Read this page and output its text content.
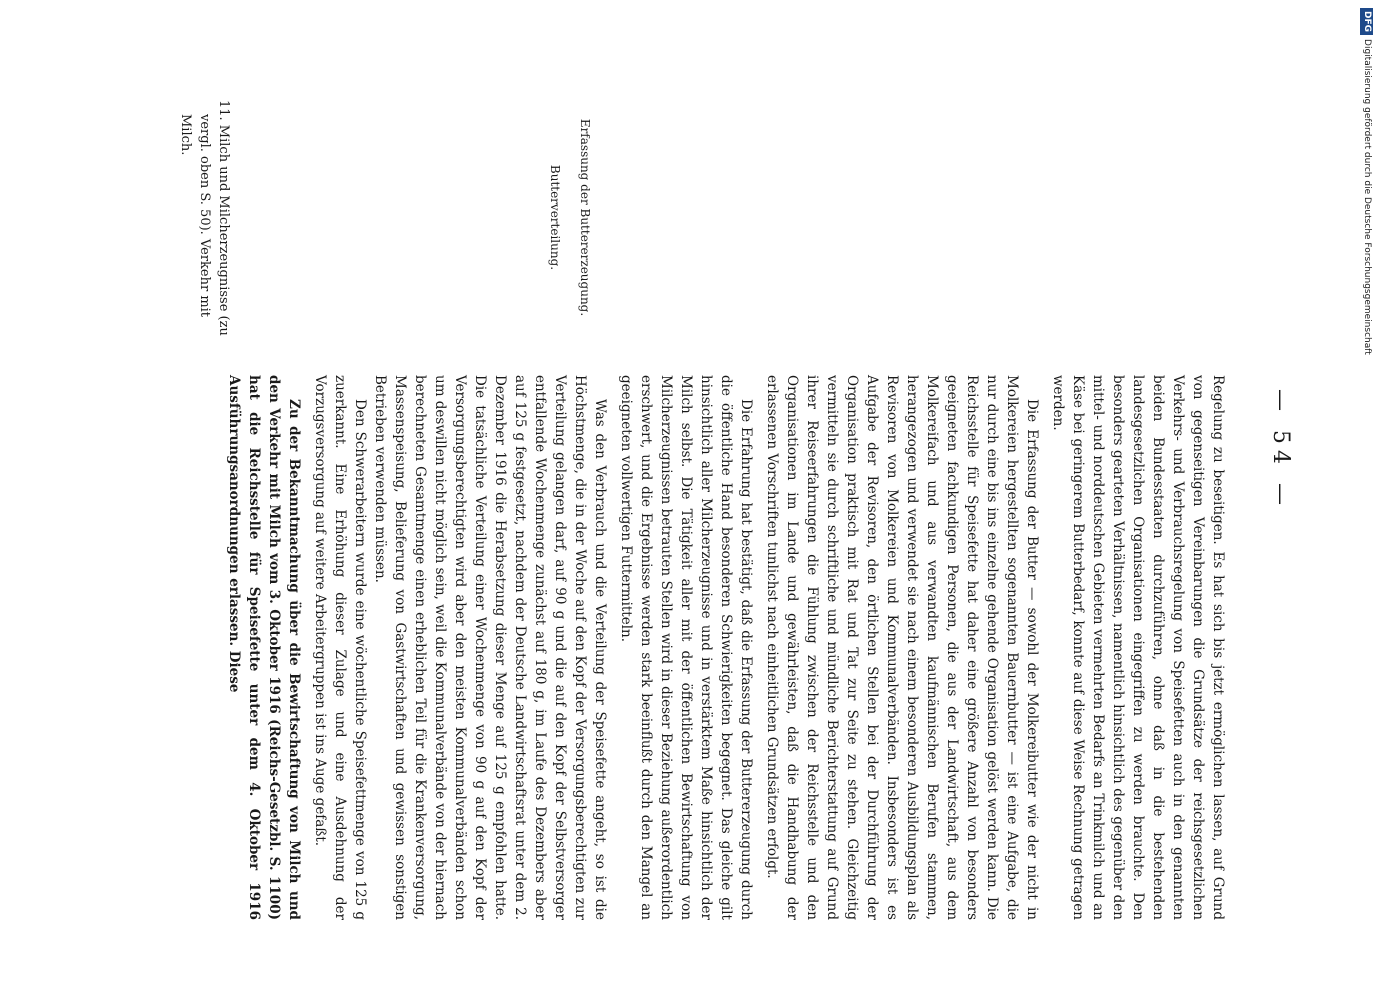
— 54 —
Erfassung der Buttererzeugung.

Regelung zu beseitigen. Es hat sich bis jetzt ermöglichen lassen, auf Grund von gegenseitigen Vereinbarungen die Grundsätze der reichsgesetzlichen Verkehrs- und Verbrauchsregelung von Speisefetten auch in den genannten beiden Bundesstaaten durchzuführen, ohne daß in die bestehenden landesgesetzlichen Organisationen eingegriffen zu werden brauchte. Den besonders gearteten Verhältnissen, namentlich hinsichtlich des gegenüber den mittel- und norddeutschen Gebieten vermehrten Bedarfs an Trinkmilch und an Käse bei geringerem Butterbedarf, konnte auf diese Weise Rechnung getragen werden.

Die Erfassung der Butter — sowohl der Molkereibutter wie der nicht in Molkereien hergestellten sogenannten Bauernbutter — ist eine Aufgabe, die nur durch eine bis ins einzelne gehende Organisation gelöst werden kann. Die Reichsstelle für Speisefette hat daher eine größere Anzahl von besonders geeigneten fachkundigen Personen, die aus der Landwirtschaft, aus dem Molkereifach und aus verwandten kaufmännischen Berufen stammen, herangezogen und verwendet sie nach einem besonderen Ausbildungsplan als Revisoren von Molkereien und Kommunalverbänden. Insbesonders ist es Aufgabe der Revisoren, den örtlichen Stellen bei der Durchführung der Organisation praktisch mit Rat und Tat zur Seite zu stehen. Gleichzeitig vermitteln sie durch schriftliche und mündliche Berichterstattung auf Grund ihrer Reiseerfahrungen die Fühlung zwischen der Reichsstelle und den Organisationen im Lande und gewährleisten, daß die Handhabung der erlassenen Vorschriften tunlichst nach einheitlichen Grundsätzen erfolgt.

Die Erfahrung hat bestätigt, daß die Erfassung der Buttererzeugung durch die öffentliche Hand besonderen Schwierigkeiten begegnet. Das gleiche gilt hinsichtlich aller Milcherzeugnisse und in verstärktem Maße hinsichtlich der Milch selbst. Die Tätigkeit aller mit der öffentlichen Bewirtschaftung von Milcherzeugnissen betrauten Stellen wird in dieser Beziehung außerordentlich erschwert, und die Ergebnisse werden stark beeinflußt durch den Mangel an geeigneten vollwertigen Futtermitteln.

Was den Verbrauch und die Verteilung der Speisefette angeht, so ist die Höchstmenge, die in der Woche auf den Kopf der Versorgungsberechtigten zur Verteilung gelangen darf, auf 90 g und die auf den Kopf der Selbstversorger entfallende Wochenmenge zunächst auf 180 g, im Laufe des Dezembers aber auf 125 g festgesetzt, nachdem der Deutsche Landwirtschaftsrat unter dem 2. Dezember 1916 die Herabsetzung dieser Menge auf 125 g empfohlen hatte. Die tatsächliche Verteilung einer Wochenmenge von 90 g auf den Kopf der Versorgungsberechtigten wird aber den meisten Kommunalverbänden schon um deswillen nicht möglich sein, weil die Kommunalverbände von der hiernach berechneten Gesamtmenge einen erheblichen Teil für die Krankenversorgung, Massenspeisung, Belieferung von Gastwirtschaften und gewissen sonstigen Betrieben verwenden müssen.

Den Schwerarbeitern wurde eine wöchentliche Speisefettmenge von 125 g zuerkannt. Eine Erhöhung dieser Zulage und eine Ausdehnung der Vorzugsversorgung auf weitere Arbeitergruppen ist ins Auge gefaßt.

Zu der Bekanntmachung über die Bewirtschaftung von Milch und den Verkehr mit Milch vom 3. Oktober 1916 (Reichs-Gesetzbl. S. 1100) hat die Reichsstelle für Speisefette unter dem 4. Oktober 1916 Ausführungsanordnungen erlassen. Diese

Butterverteilung.
11. Milch und Milcherzeugnisse (zu vergl. oben S. 50). Verkehr mit Milch.
DFGDigitalisierung gefördert durch die Deutsche Forschungsgemeinschaft
